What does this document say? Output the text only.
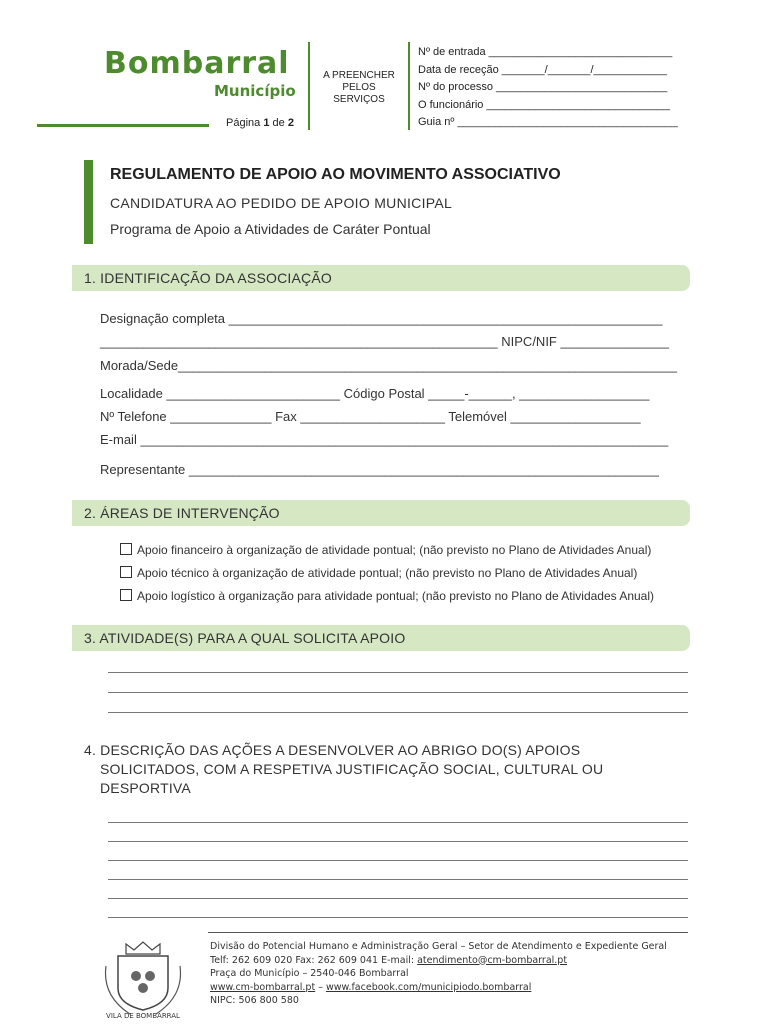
Bombarral
Município
Página 1 de 2
A PREENCHER
PELOS
SERVIÇOS
Nº de entrada ______________________________
Data de receção _______/_______/____________
Nº do processo ____________________________
O funcionário ______________________________
Guia nº ____________________________________
REGULAMENTO DE APOIO AO MOVIMENTO ASSOCIATIVO
CANDIDATURA AO PEDIDO DE APOIO MUNICIPAL
Programa de Apoio a Atividades de Caráter Pontual
1. IDENTIFICAÇÃO DA ASSOCIAÇÃO
Designação completa ____________________________________________________________
_______________________________________________________ NIPC/NIF _______________
Morada/Sede_____________________________________________________________________
Localidade ________________________ Código Postal _____-______, __________________
Nº Telefone ______________ Fax ____________________ Telemóvel __________________
E-mail _________________________________________________________________________
Representante _________________________________________________________________
2. ÁREAS DE INTERVENÇÃO
Apoio financeiro à organização de atividade pontual; (não previsto no Plano de Atividades Anual)
Apoio técnico à organização de atividade pontual; (não previsto no Plano de Atividades Anual)
Apoio logístico à organização para atividade pontual; (não previsto no Plano de Atividades Anual)
3. ATIVIDADE(S) PARA A QUAL SOLICITA APOIO
4. DESCRIÇÃO DAS AÇÕES A DESENVOLVER AO ABRIGO DO(S) APOIOS
SOLICITADOS, COM A RESPETIVA JUSTIFICAÇÃO SOCIAL, CULTURAL OU
DESPORTIVA
VILA DE BOMBARRAL
Divisão do Potencial Humano e Administração Geral – Setor de Atendimento e Expediente Geral
Telf: 262 609 020 Fax: 262 609 041 E-mail: atendimento@cm-bombarral.pt
Praça do Município – 2540-046 Bombarral
www.cm-bombarral.pt – www.facebook.com/municipiodo.bombarral
NIPC: 506 800 580
